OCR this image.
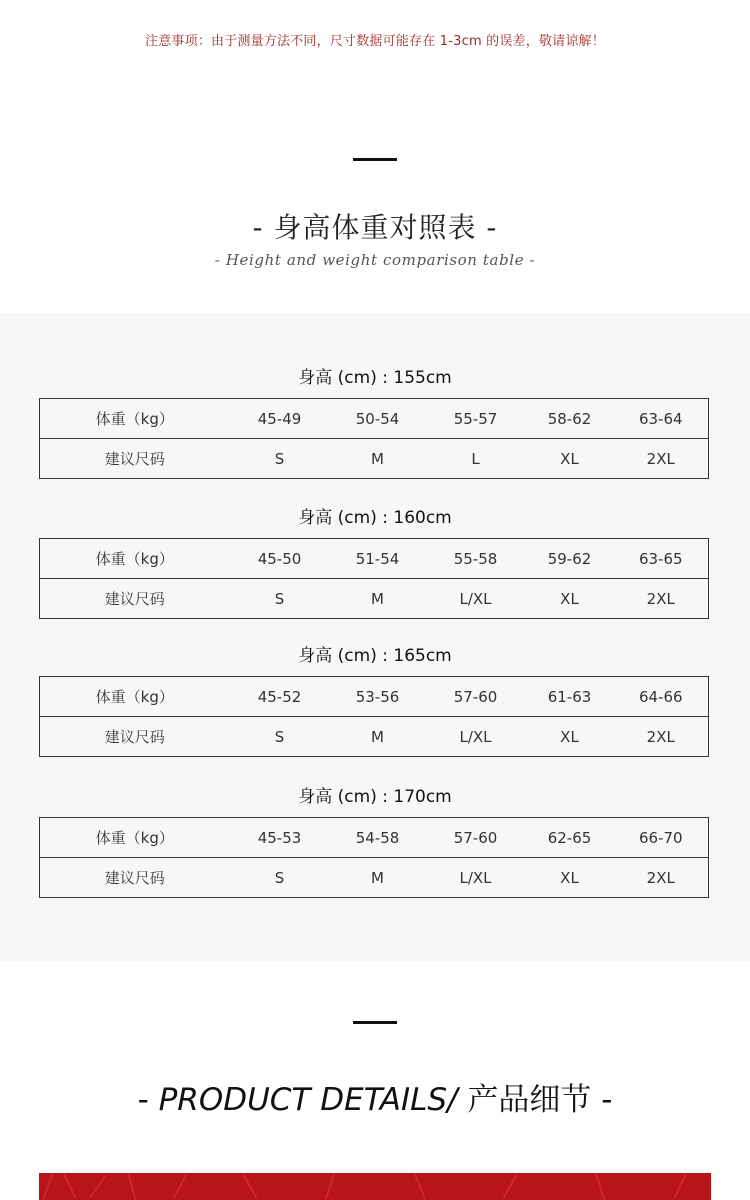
注意事项：由于测量方法不同，尺寸数据可能存在 1-3cm 的误差，敬请谅解！
- 身高体重对照表 -
- Height and weight comparison table -
身高 (cm) : 155cm
体重（kg）	45-49	50-54	55-57	58-62	63-64
建议尺码	S	M	L	XL	2XL
身高 (cm) : 160cm
体重（kg）	45-50	51-54	55-58	59-62	63-65
建议尺码	S	M	L/XL	XL	2XL
身高 (cm) : 165cm
体重（kg）	45-52	53-56	57-60	61-63	64-66
建议尺码	S	M	L/XL	XL	2XL
身高 (cm) : 170cm
体重（kg）	45-53	54-58	57-60	62-65	66-70
建议尺码	S	M	L/XL	XL	2XL
- PRODUCT DETAILS/ 产品细节 -
